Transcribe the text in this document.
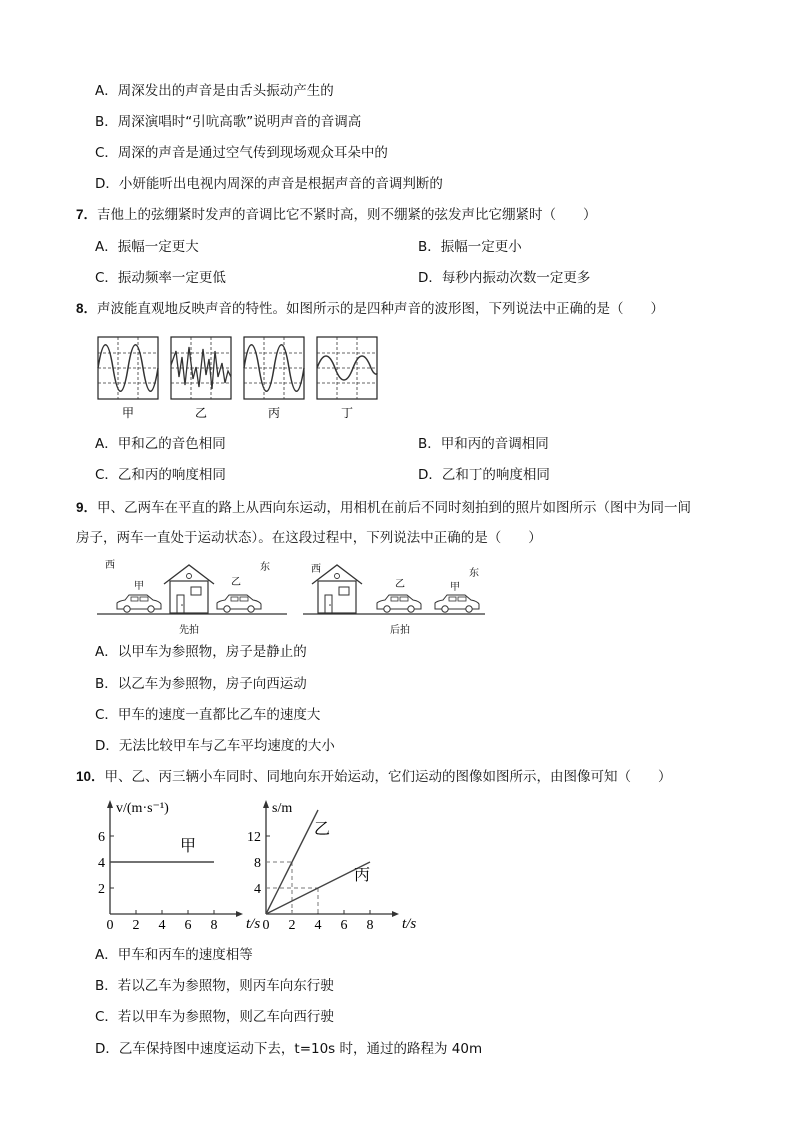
A．周深发出的声音是由舌头振动产生的
B．周深演唱时“引吭高歌”说明声音的音调高
C．周深的声音是通过空气传到现场观众耳朵中的
D．小妍能听出电视内周深的声音是根据声音的音调判断的
7．吉他上的弦绷紧时发声的音调比它不紧时高，则不绷紧的弦发声比它绷紧时（　　）
A．振幅一定更大	B．振幅一定更小
C．振动频率一定更低	D．每秒内振动次数一定更多
8．声波能直观地反映声音的特性。如图所示的是四种声音的波形图，下列说法中正确的是（　　）
甲	乙	丙	丁
A．甲和乙的音色相同	B．甲和丙的音调相同
C．乙和丙的响度相同	D．乙和丁的响度相同
9．甲、乙两车在平直的路上从西向东运动，用相机在前后不同时刻拍到的照片如图所示（图中为同一间
房子，两车一直处于运动状态）。在这段过程中，下列说法中正确的是（　　）
西	东
甲	乙
先拍
西	东
乙	甲
后拍
A．以甲车为参照物，房子是静止的
B．以乙车为参照物，房子向西运动
C．甲车的速度一直都比乙车的速度大
D．无法比较甲车与乙车平均速度的大小
10．甲、乙、丙三辆小车同时、同地向东开始运动，它们运动的图像如图所示，由图像可知（　　）
0 2 4 6 8
2
4
6
t/s
v/(m·s⁻¹)
甲
0 2 4 6 8
4
8
12
t/s
s/m
乙
丙
A．甲车和丙车的速度相等
B．若以乙车为参照物，则丙车向东行驶
C．若以甲车为参照物，则乙车向西行驶
D．乙车保持图中速度运动下去，t=10s 时，通过的路程为 40m
